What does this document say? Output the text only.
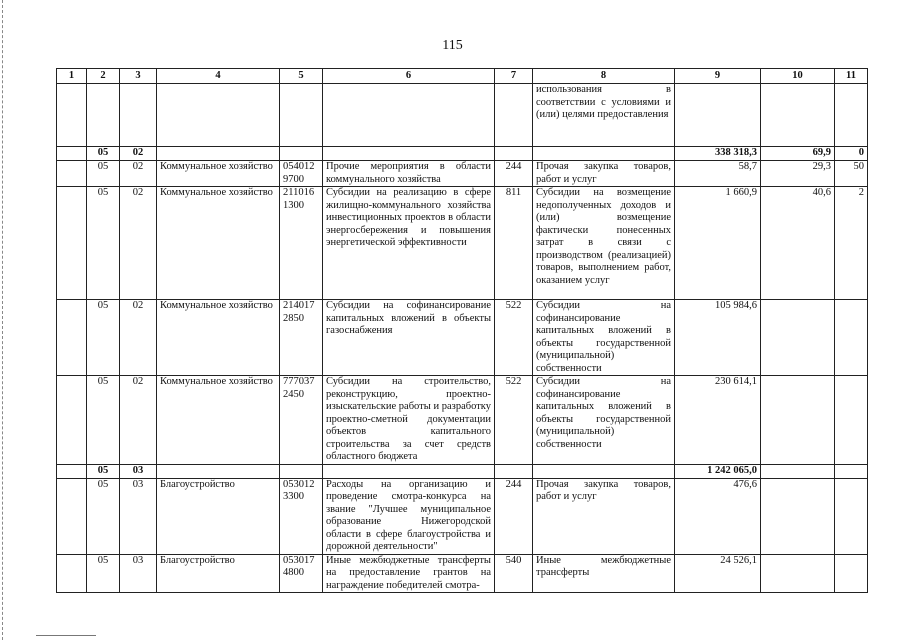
115
1	2	3	4	5	6	7	8	9	10	11
							использования в соответствии с условиями и (или) целями предоставления			
	05	02						338 318,3	69,9	0
	05	02	Коммунальное хозяйство	054012 9700	Прочие мероприятия в области коммунального хозяйства	244	Прочая закупка товаров, работ и услуг	58,7	29,3	50
	05	02	Коммунальное хозяйство	211016 1300	Субсидии на реализацию в сфере жилищно-коммунального хозяйства инвестиционных проектов в области энергосбережения и повышения энергетической эффективности	811	Субсидии на возмещение недополученных доходов и (или) возмещение фактически понесенных затрат в связи с производством (реализацией) товаров, выполнением работ, оказанием услуг	1 660,9	40,6	2
	05	02	Коммунальное хозяйство	214017 2850	Субсидии на софинансирование капитальных вложений в объекты газоснабжения	522	Субсидии на софинансирование капитальных вложений в объекты государственной (муниципальной) собственности	105 984,6		
	05	02	Коммунальное хозяйство	777037 2450	Субсидии на строительство, реконструкцию, проектно-изыскательские работы и разработку проектно-сметной документации объектов капитального строительства за счет средств областного бюджета	522	Субсидии на софинансирование капитальных вложений в объекты государственной (муниципальной) собственности	230 614,1		
	05	03						1 242 065,0		
	05	03	Благоустройство	053012 3300	Расходы на организацию и проведение смотра-конкурса на звание "Лучшее муниципальное образование Нижегородской области в сфере благоустройства и дорожной деятельности"	244	Прочая закупка товаров, работ и услуг	476,6		
	05	03	Благоустройство	053017 4800	Иные межбюджетные трансферты на предоставление грантов на награждение победителей смотра-	540	Иные межбюджетные трансферты	24 526,1		
